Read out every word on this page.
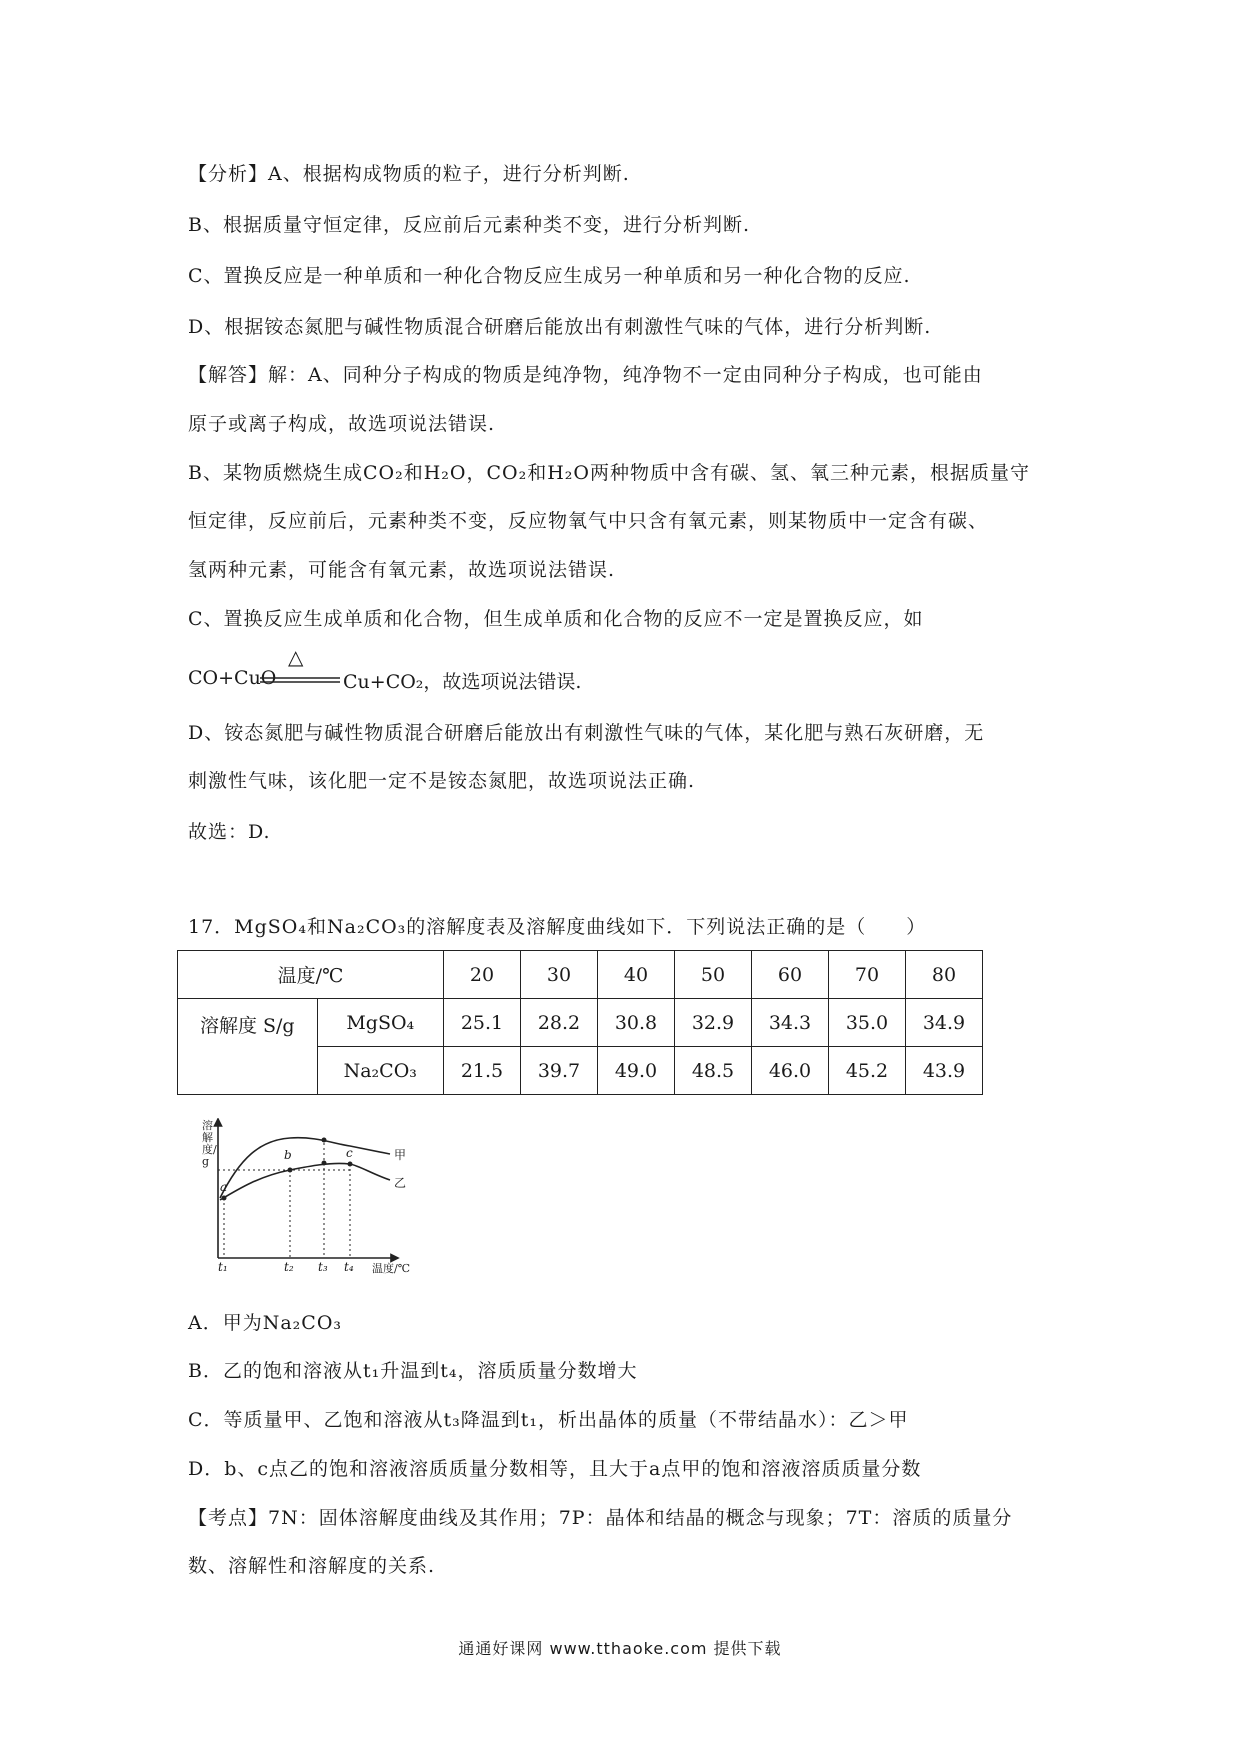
【分析】A、根据构成物质的粒子，进行分析判断.
B、根据质量守恒定律，反应前后元素种类不变，进行分析判断.
C、置换反应是一种单质和一种化合物反应生成另一种单质和另一种化合物的反应.
D、根据铵态氮肥与碱性物质混合研磨后能放出有刺激性气味的气体，进行分析判断.
【解答】解：A、同种分子构成的物质是纯净物，纯净物不一定由同种分子构成，也可能由
原子或离子构成，故选项说法错误.
B、某物质燃烧生成CO₂和H₂O，CO₂和H₂O两种物质中含有碳、氢、氧三种元素，根据质量守
恒定律，反应前后，元素种类不变，反应物氧气中只含有氧元素，则某物质中一定含有碳、
氢两种元素，可能含有氧元素，故选项说法错误.
C、置换反应生成单质和化合物，但生成单质和化合物的反应不一定是置换反应，如
CO+CuO
△
Cu+CO₂，故选项说法错误.
D、铵态氮肥与碱性物质混合研磨后能放出有刺激性气味的气体，某化肥与熟石灰研磨，无
刺激性气味，该化肥一定不是铵态氮肥，故选项说法正确.
故选：D.
17．MgSO₄和Na₂CO₃的溶解度表及溶解度曲线如下．下列说法正确的是（　　）
温度/℃		20	30	40	50	60	70	80
溶解度 S/g	MgSO₄	25.1	28.2	30.8	32.9	34.3	35.0	34.9
	Na₂CO₃	21.5	39.7	49.0	48.5	46.0	45.2	43.9
溶解度/g	甲
乙
a
b	c
t₁	t₂ t₃ t₄ 温度/℃
A．甲为Na₂CO₃
B．乙的饱和溶液从t₁升温到t₄，溶质质量分数增大
C．等质量甲、乙饱和溶液从t₃降温到t₁，析出晶体的质量（不带结晶水）：乙＞甲
D．b、c点乙的饱和溶液溶质质量分数相等，且大于a点甲的饱和溶液溶质质量分数
【考点】7N：固体溶解度曲线及其作用；7P：晶体和结晶的概念与现象；7T：溶质的质量分
数、溶解性和溶解度的关系.
通通好课网 www.tthaoke.com 提供下载
